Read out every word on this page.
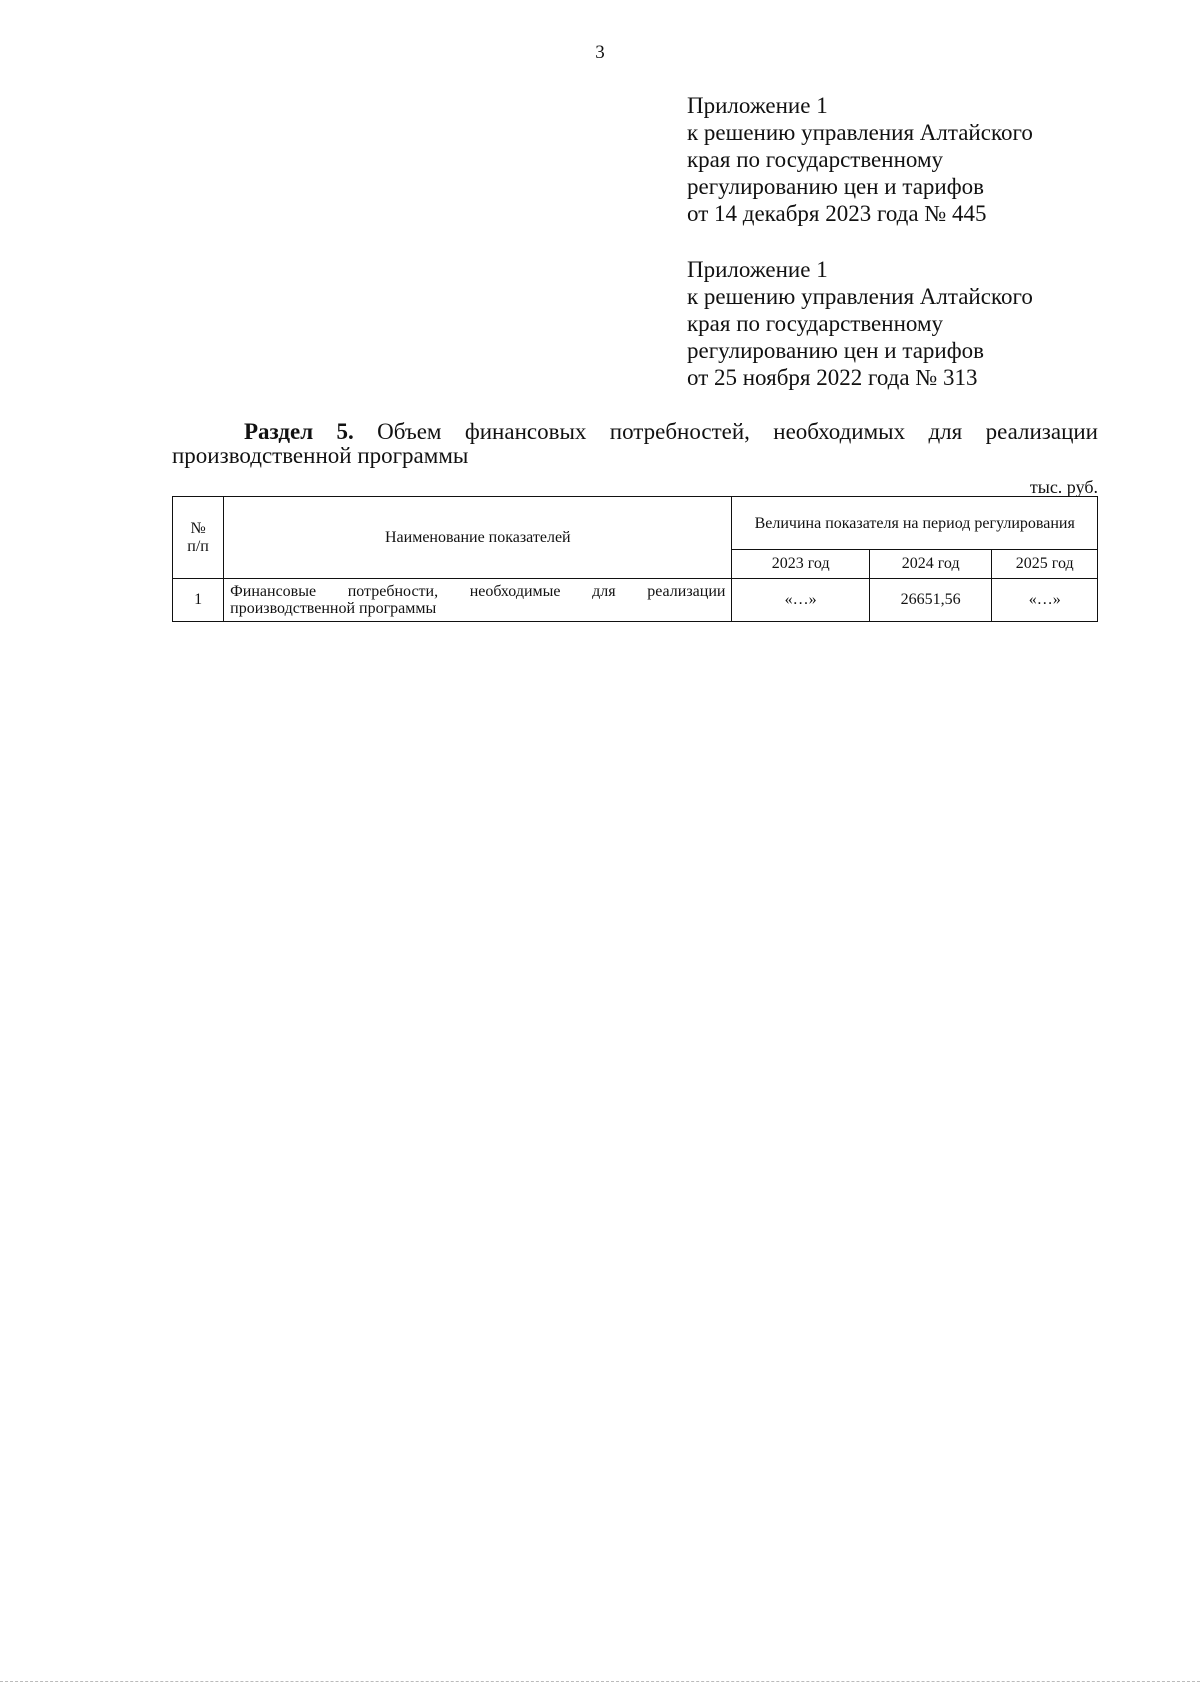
3
Приложение 1
к решению управления Алтайского
края по государственному
регулированию цен и тарифов
от 14 декабря 2023 года № 445
Приложение 1
к решению управления Алтайского
края по государственному
регулированию цен и тарифов
от 25 ноября 2022 года № 313
Раздел 5. Объем финансовых потребностей, необходимых для реализации
производственной программы
тыс. руб.
№
п/п	Наименование показателей	Величина показателя на период регулирования		
		2023 год	2024 год	2025 год
1	Финансовые потребности, необходимые для реализации производственной программы	«…»	26651,56	«…»
